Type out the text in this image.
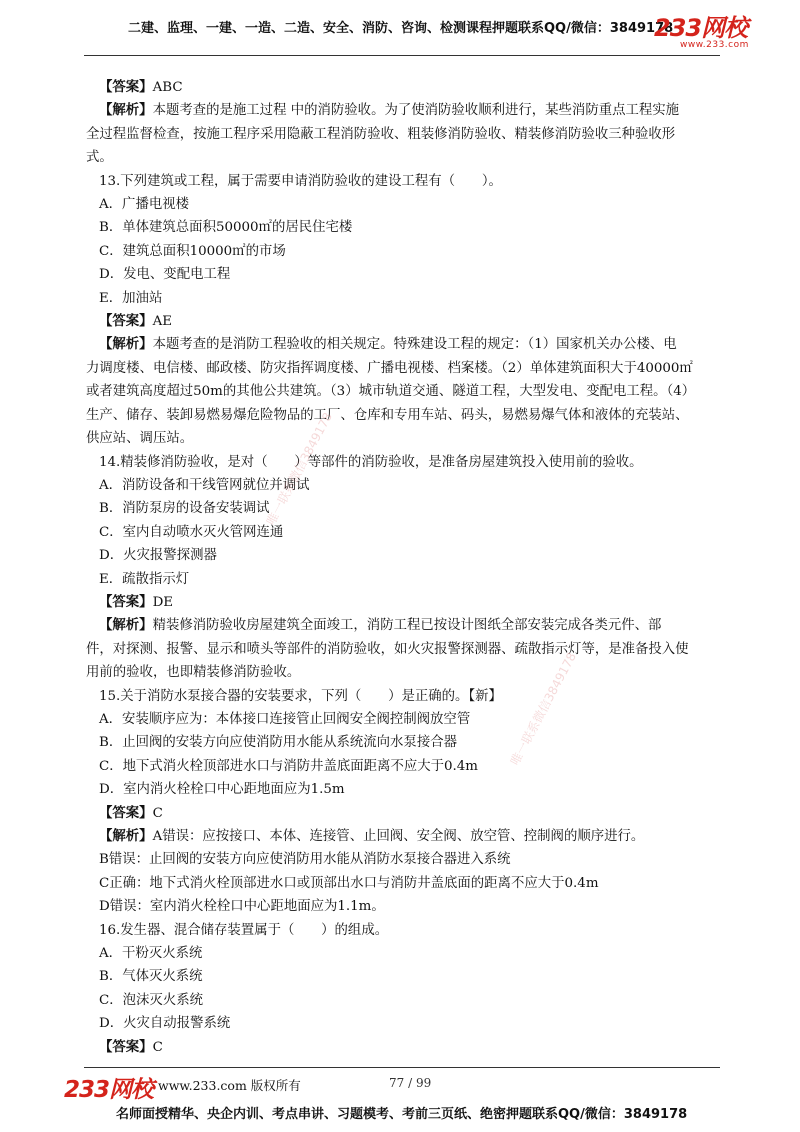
二建、监理、一建、一造、二造、安全、消防、咨询、检测课程押题联系QQ/微信：3849178
233网校
www.233.com

【答案】ABC

【解析】本题考查的是施工过程 中的消防验收。为了使消防验收顺利进行，某些消防重点工程实施

全过程监督检查，按施工程序采用隐蔽工程消防验收、粗装修消防验收、精装修消防验收三种验收形

式。

13.下列建筑或工程，属于需要申请消防验收的建设工程有（　　）。

A．广播电视楼

B．单体建筑总面积50000㎡的居民住宅楼

C．建筑总面积10000㎡的市场

D．发电、变配电工程

E．加油站

【答案】AE

【解析】本题考查的是消防工程验收的相关规定。特殊建设工程的规定：（1）国家机关办公楼、电

力调度楼、电信楼、邮政楼、防灾指挥调度楼、广播电视楼、档案楼。（2）单体建筑面积大于40000㎡

或者建筑高度超过50m的其他公共建筑。（3）城市轨道交通、隧道工程，大型发电、变配电工程。（4）

生产、储存、装卸易燃易爆危险物品的工厂、仓库和专用车站、码头，易燃易爆气体和液体的充装站、

供应站、调压站。

14.精装修消防验收，是对（　　）等部件的消防验收，是准备房屋建筑投入使用前的验收。

A．消防设备和干线管网就位并调试

B．消防泵房的设备安装调试

C．室内自动喷水灭火管网连通

D．火灾报警探测器

E．疏散指示灯

【答案】DE

【解析】精装修消防验收房屋建筑全面竣工，消防工程已按设计图纸全部安装完成各类元件、部

件，对探测、报警、显示和喷头等部件的消防验收，如火灾报警探测器、疏散指示灯等，是准备投入使

用前的验收，也即精装修消防验收。

15.关于消防水泵接合器的安装要求，下列（　　）是正确的。【新】

A．安装顺序应为：本体接口连接管止回阀安全阀控制阀放空管

B．止回阀的安装方向应使消防用水能从系统流向水泵接合器

C．地下式消火栓顶部进水口与消防井盖底面距离不应大于0.4m

D．室内消火栓栓口中心距地面应为1.5m

【答案】C

【解析】A错误：应按接口、本体、连接管、止回阀、安全阀、放空管、控制阀的顺序进行。

B错误：止回阀的安装方向应使消防用水能从消防水泵接合器进入系统

C正确：地下式消火栓顶部进水口或顶部出水口与消防井盖底面的距离不应大于0.4m

D错误：室内消火栓栓口中心距地面应为1.1m。

16.发生器、混合储存装置属于（　　）的组成。

A．干粉灭火系统

B．气体灭火系统

C．泡沫灭火系统

D．火灾自动报警系统

【答案】C

唯一联系微信3849178
唯一联系微信3849178
233网校 www.233.com 版权所有	77 / 99
名师面授精华、央企内训、考点串讲、习题模考、考前三页纸、绝密押题联系QQ/微信：3849178
